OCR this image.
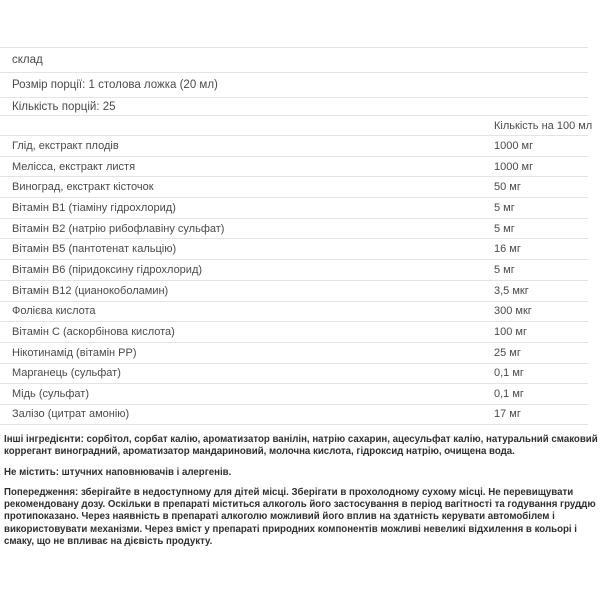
склад
Розмір порції: 1 столова ложка (20 мл)
Кількість порцій: 25
Кількість на 100 мл
Глід, екстракт плодів	1000 мг
Мелісса, екстракт листя	1000 мг
Виноград, екстракт кісточок	50 мг
Вітамін B1 (тіаміну гідрохлорид)	5 мг
Вітамін B2 (натрію рибофлавіну сульфат)	5 мг
Вітамін B5 (пантотенат кальцію)	16 мг
Вітамін B6 (піридоксину гідрохлорид)	5 мг
Вітамін B12 (цианокоболамин)	3,5 мкг
Фолієва кислота	300 мкг
Вітамін C (аскорбінова кислота)	100 мг
Нікотинамід (вітамін PP)	25 мг
Марганець (сульфат)	0,1 мг
Мідь (сульфат)	0,1 мг
Залізо (цитрат амонію)	17 мг

Інші інгредієнти: сорбітол, сорбат калію, ароматизатор ванілін, натрію сахарин, ацесульфат калію, натуральний смаковий коррегант виноградний, ароматизатор мандариновий, молочна кислота, гідроксид натрію, очищена вода.

Не містить: штучних наповнювачів і алергенів.

Попередження: зберігайте в недоступному для дітей місці. Зберігати в прохолодному сухому місці. Не перевищувати рекомендовану дозу. Оскільки в препараті міститься алкоголь його застосування в період вагітності та годування груддю протипоказано. Через наявність в препараті алкоголю можливий його вплив на здатність керувати автомобілем і використовувати механізми. Через вміст у препараті природних компонентів можливі невеликі відхилення в кольорі і смаку, що не впливає на дієвість продукту.
